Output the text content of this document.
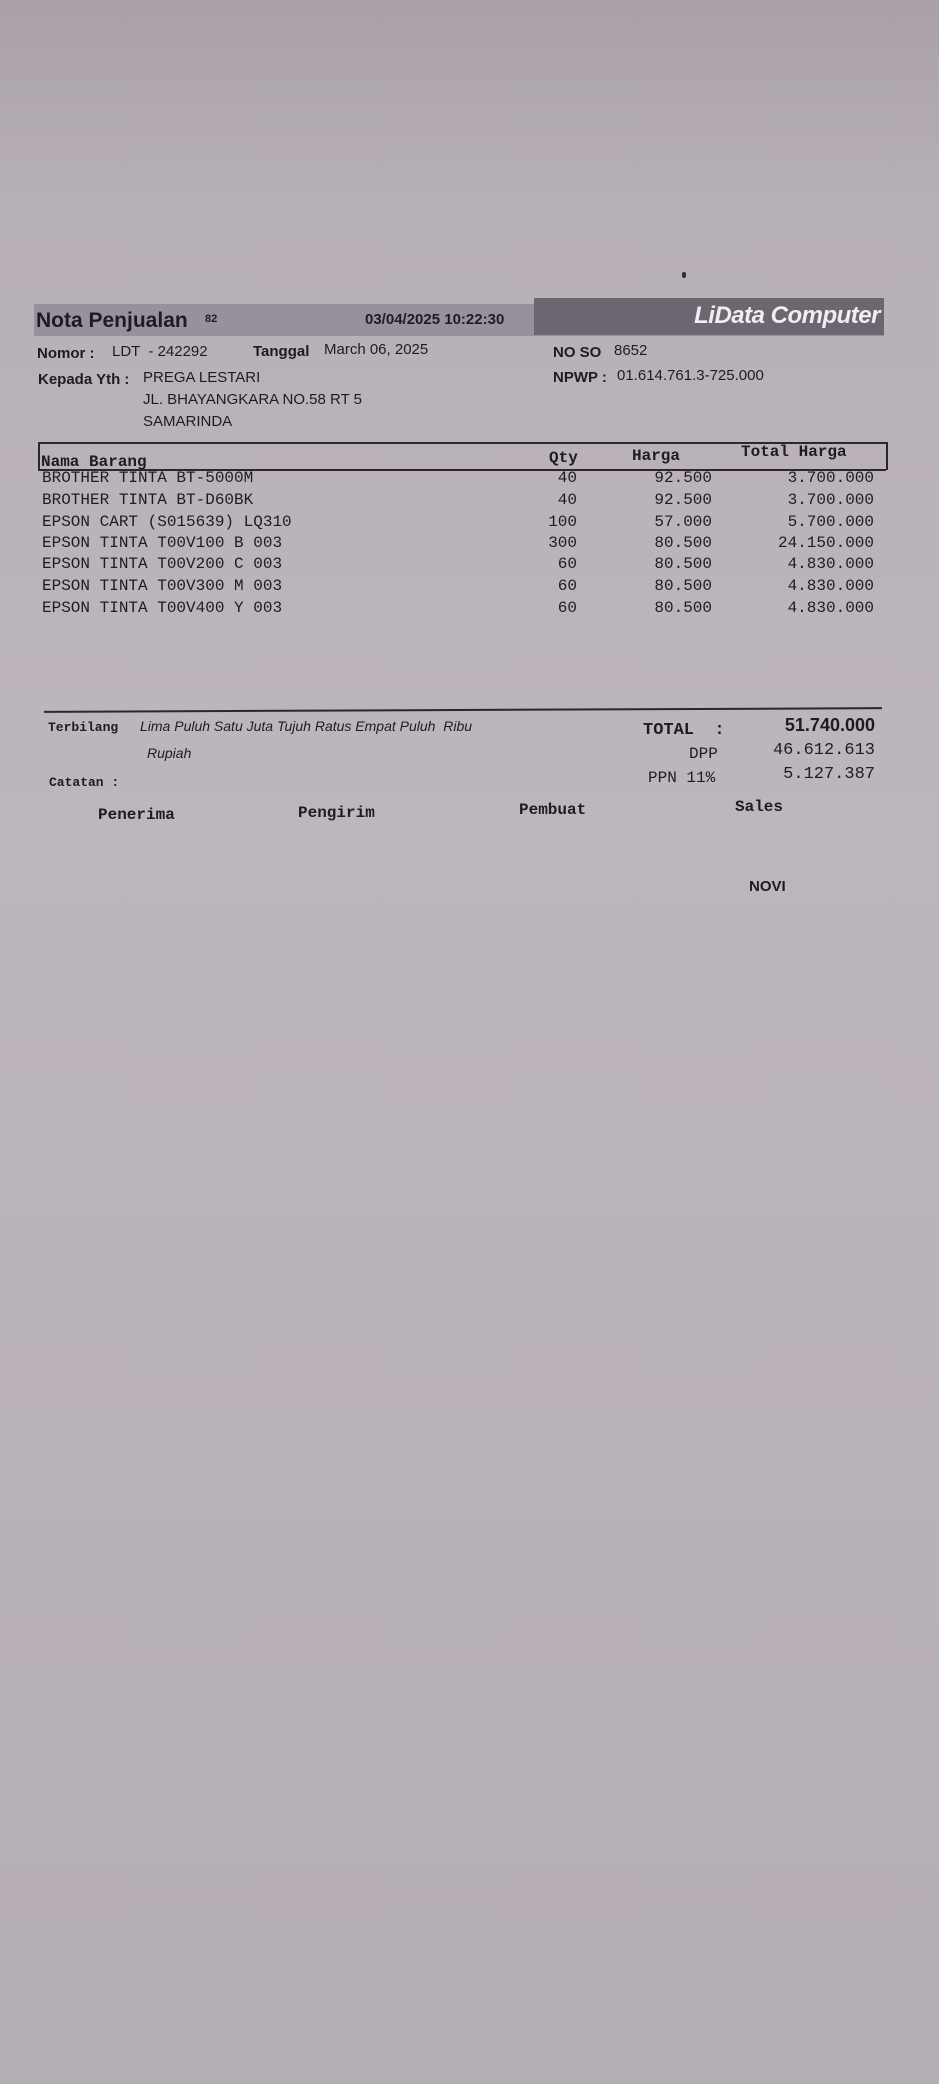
LiData Computer
Nota Penjualan 82	03/04/2025 10:22:30
Nomor : LDT  - 242292	Tanggal March 06, 2025	NO SO 8652
Kepada Yth : PREGA LESTARI
JL. BHAYANGKARA NO.58 RT 5
SAMARINDA
NPWP : 01.614.761.3-725.000
Nama Barang	Qty	Harga	Total Harga
BROTHER TINTA BT-5000M	40	92.500	3.700.000
BROTHER TINTA BT-D60BK	40	92.500	3.700.000
EPSON CART (S015639) LQ310	100	57.000	5.700.000
EPSON TINTA T00V100 B 003	300	80.500	24.150.000
EPSON TINTA T00V200 C 003	60	80.500	4.830.000
EPSON TINTA T00V300 M 003	60	80.500	4.830.000
EPSON TINTA T00V400 Y 003	60	80.500	4.830.000
Terbilang Lima Puluh Satu Juta Tujuh Ratus Empat Puluh  Ribu
Rupiah
TOTAL  :	51.740.000
DPP	46.612.613
PPN 11%	5.127.387
Catatan :
Penerima	Pengirim	Pembuat	Sales
NOVI
